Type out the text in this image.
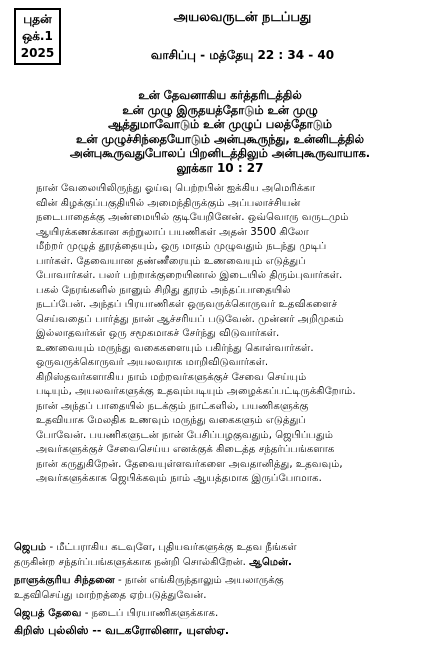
புதன்
ஒக்.1
2025
அயலவருடன் நடப்பது
வாசிப்பு - மத்தேயு 22 : 34 - 40
உன் தேவனாகிய கர்த்தரிடத்தில்
உன் முழு இருதயத்தோடும் உன் முழு
ஆத்துமாவோடும் உன் முழுப் பலத்தோடும்
உன் முழுச்சிந்தையோடும் அன்புகூருந்து, உன்னிடத்தில்
அன்புகூருவதுபோலப் பிறனிடத்திலும் அன்புகூருவாயாக.
லூக்கா 10 : 27
நான் வேலையிலிருந்து ஓய்வு பெற்றபின் ஐக்கிய அமெரிக்கா
வின் கிழக்குப்பகுதியில் அமைந்திருக்கும் அப்பலாச்சியன்
நடைபாதைக்கு அண்மையில் குடியேறினேன். ஒவ்வொரு வருடமும்
ஆயிரக்கணக்கான சுற்றுலாப் பயணிகள் அதன் 3500 கிலோ
மீற்றர் முழுத் தூரத்தையும், ஒரு மாதம் முழுவதும் நடந்து முடிப்
பார்கள். தேவையான தண்ணீரையும் உணவையும் எடுத்துப்
போவார்கள். பலர் பற்றாக்குறையினால் இடையில் திரும்புவார்கள்.
பகல் நேரங்களில் நானும் சிறிது தூரம் அந்தப்பாதையில்
நடப்பேன். அந்தப் பிரயாணிகள் ஒருவருக்கொருவர் உதவிகளைச்
செய்வதைப் பார்த்து நான் ஆச்சரியப் படுவேன். முன்னர் அறிமுகம்
இல்லாதவர்கள் ஒரு சமூகமாகச் சேர்ந்து விடுவார்கள்.
உணவையும் மருந்து வகைகளையும் பகிர்ந்து கொள்வார்கள்.
ஒருவருக்கொருவர் அயலவராக மாறிவிடுவார்கள்.
கிறிஸ்தவர்களாகிய நாம் மற்றவர்களுக்குச் சேவை செய்யும்
படியும், அயலவர்களுக்கு உதவும்படியும் அழைக்கப்பட்டிருக்கிறோம்.
நான் அந்தப் பாதையில் நடக்கும் நாட்களில், பயணிகளுக்கு
உதவியாக மேலதிக உணவும் மருந்து வகைகளும் எடுத்துப்
போவேன். பயணிகளுடன் நான் பேசிப்பழகுவதும், ஜெபிப்பதும்
அவர்களுக்குச் சேவைசெய்ய எனக்குக் கிடைத்த சந்தர்ப்பங்களாக
நான் கருதுகிறேன். தேவையுள்ளவர்களை அவதானித்து, உதவவும்,
அவர்களுக்காக ஜெபிக்கவும் நாம் ஆயத்தமாக இருப்போமாக.
ஜெபம் - மீட்பராகிய கடவுளே, புதியவர்களுக்கு உதவ நீங்கள்
தருகின்ற சந்தர்ப்பங்களுக்காக நன்றி சொல்கிறேன். ஆமென்.
நாளுக்குரிய சிந்தனை - நான் எங்கிருந்தாலும் அயலாருக்கு
உதவிசெய்து மாற்றத்தை ஏற்படுத்துவேன்.
ஜெபத் தேவை - நடைப் பிரயாணிகளுக்காக.
கிறிஸ் புல்லிஸ் -- வடகரோலினா, யுஎஸ்ஏ.
